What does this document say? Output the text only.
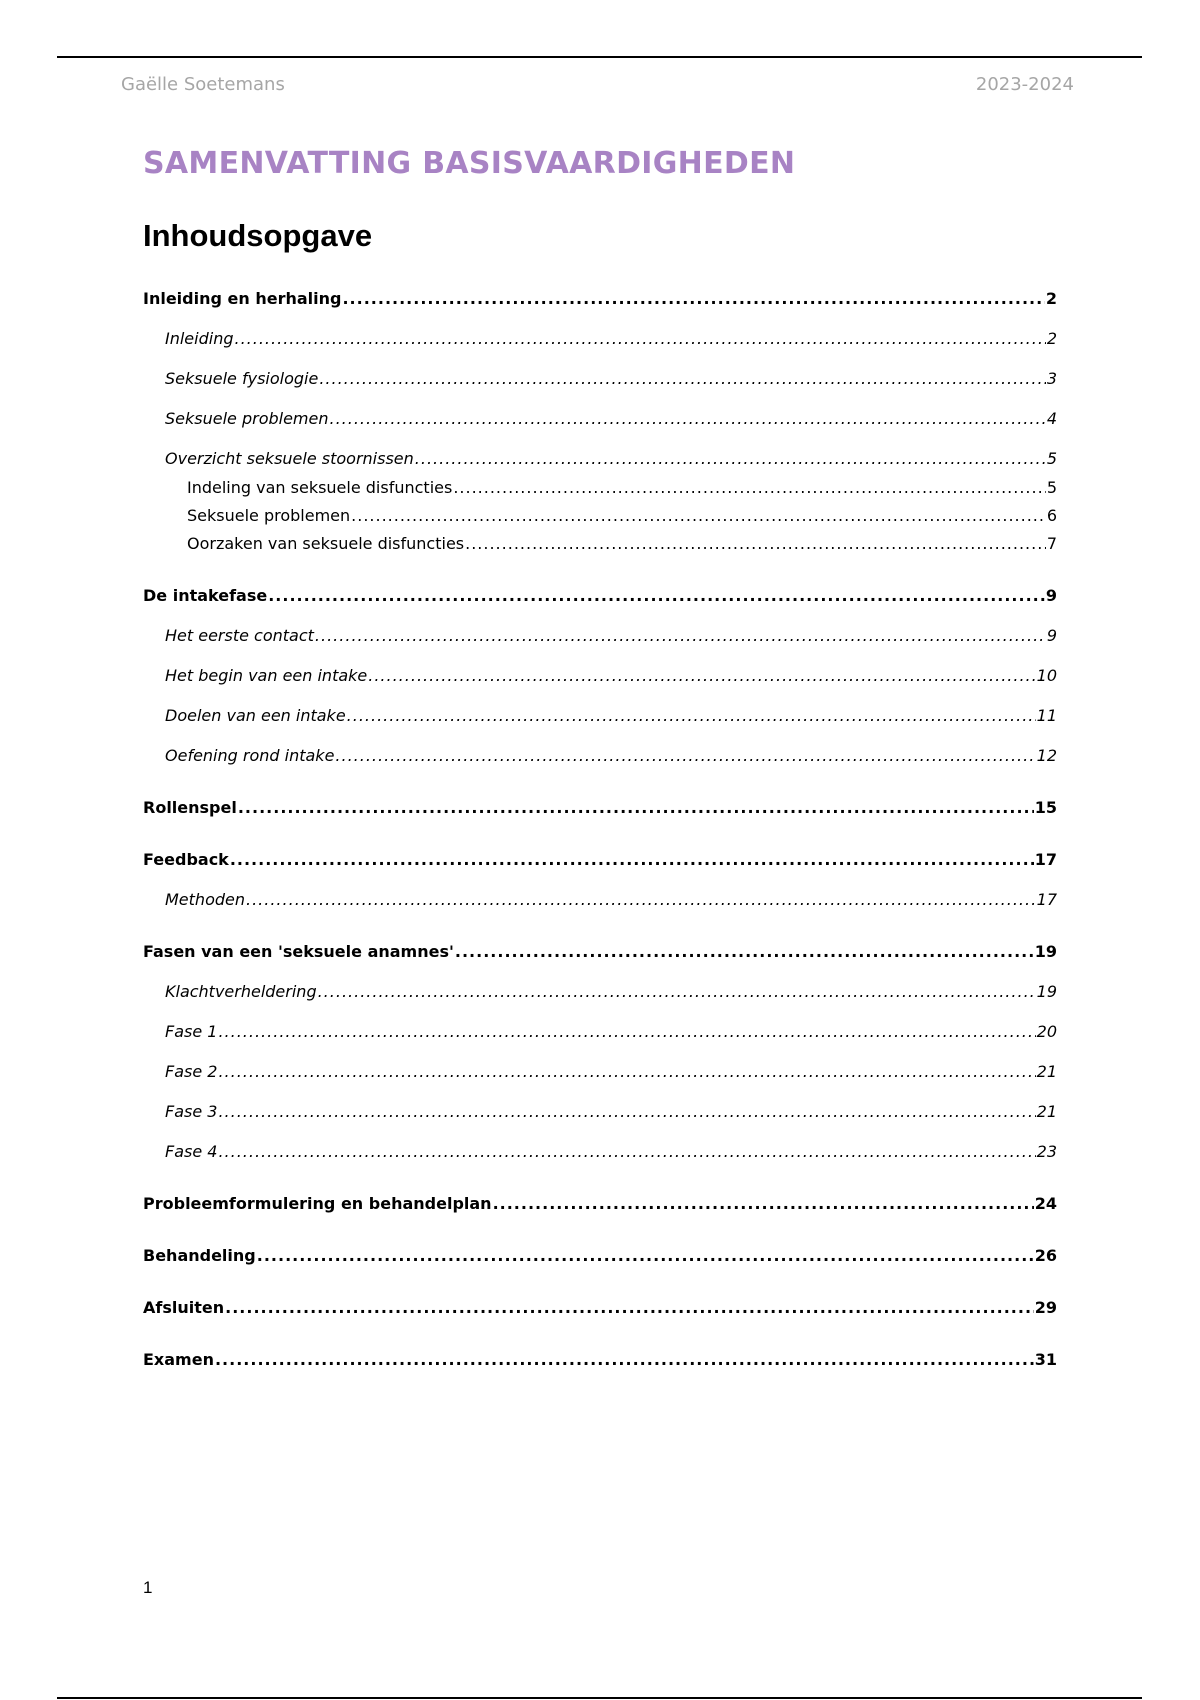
Gaëlle Soetemans	2023-2024
SAMENVATTING BASISVAARDIGHEDEN
Inhoudsopgave
Inleiding en herhaling .....	2
Inleiding .....	2
Seksuele fysiologie .....	3
Seksuele problemen .....	4
Overzicht seksuele stoornissen .....	5
Indeling van seksuele disfuncties .....	5
Seksuele problemen .....	6
Oorzaken van seksuele disfuncties .....	7
De intakefase .....	9
Het eerste contact .....	9
Het begin van een intake .....	10
Doelen van een intake .....	11
Oefening rond intake .....	12
Rollenspel .....	15
Feedback .....	17
Methoden .....	17
Fasen van een 'seksuele anamnes' .....	19
Klachtverheldering .....	19
Fase 1 .....	20
Fase 2 .....	21
Fase 3 .....	21
Fase 4 .....	23
Probleemformulering en behandelplan .....	24
Behandeling .....	26
Afsluiten .....	29
Examen .....	31
1
